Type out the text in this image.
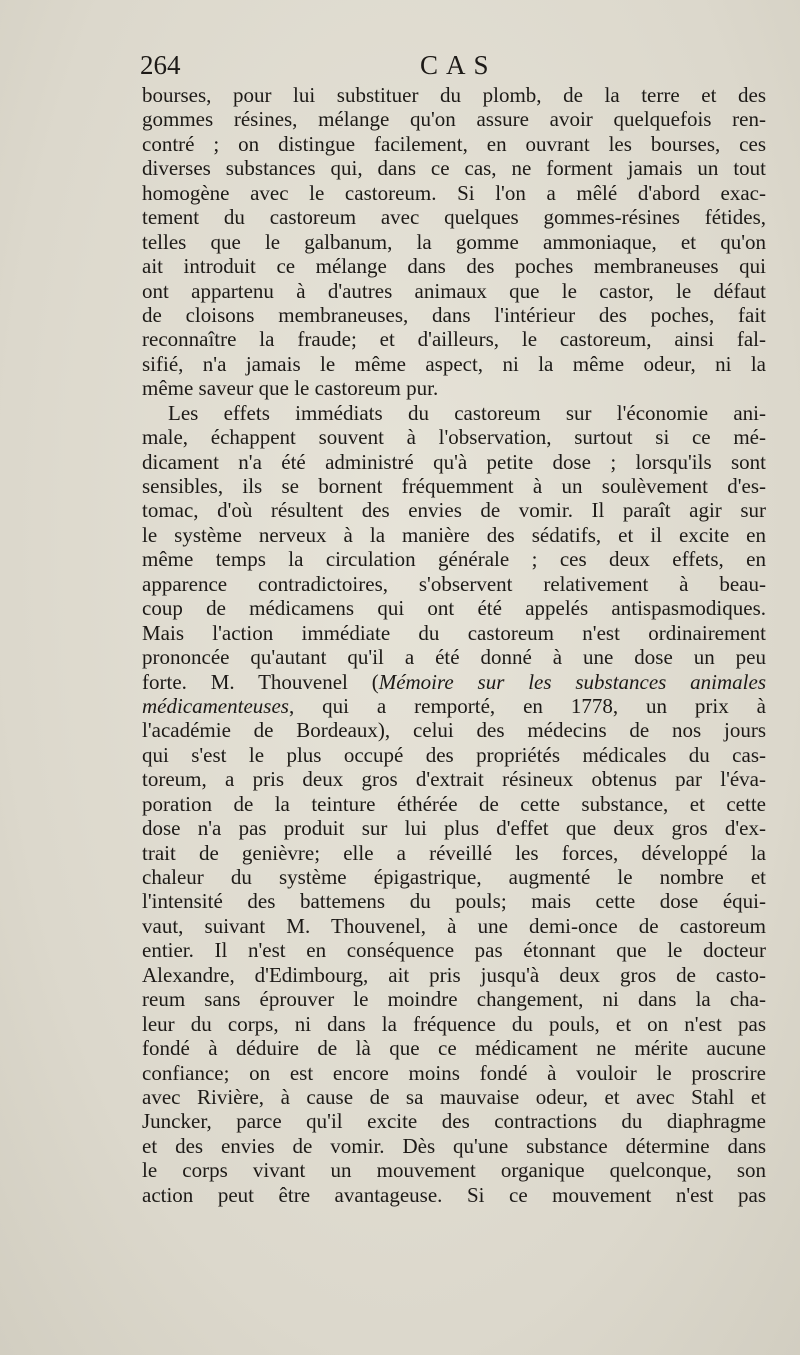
264	CAS
bourses, pour lui substituer du plomb, de la terre et des
gommes résines, mélange qu'on assure avoir quelquefois ren-
contré ; on distingue facilement, en ouvrant les bourses, ces
diverses substances qui, dans ce cas, ne forment jamais un tout
homogène avec le castoreum. Si l'on a mêlé d'abord exac-
tement du castoreum avec quelques gommes-résines fétides,
telles que le galbanum, la gomme ammoniaque, et qu'on
ait introduit ce mélange dans des poches membraneuses qui
ont appartenu à d'autres animaux que le castor, le défaut
de cloisons membraneuses, dans l'intérieur des poches, fait
reconnaître la fraude; et d'ailleurs, le castoreum, ainsi fal-
sifié, n'a jamais le même aspect, ni la même odeur, ni la
même saveur que le castoreum pur.
Les effets immédiats du castoreum sur l'économie ani-
male, échappent souvent à l'observation, surtout si ce mé-
dicament n'a été administré qu'à petite dose ; lorsqu'ils sont
sensibles, ils se bornent fréquemment à un soulèvement d'es-
tomac, d'où résultent des envies de vomir. Il paraît agir sur
le système nerveux à la manière des sédatifs, et il excite en
même temps la circulation générale ; ces deux effets, en
apparence contradictoires, s'observent relativement à beau-
coup de médicamens qui ont été appelés antispasmodiques.
Mais l'action immédiate du castoreum n'est ordinairement
prononcée qu'autant qu'il a été donné à une dose un peu
forte. M. Thouvenel (Mémoire sur les substances animales
médicamenteuses, qui a remporté, en 1778, un prix à
l'académie de Bordeaux), celui des médecins de nos jours
qui s'est le plus occupé des propriétés médicales du cas-
toreum, a pris deux gros d'extrait résineux obtenus par l'éva-
poration de la teinture éthérée de cette substance, et cette
dose n'a pas produit sur lui plus d'effet que deux gros d'ex-
trait de genièvre; elle a réveillé les forces, développé la
chaleur du système épigastrique, augmenté le nombre et
l'intensité des battemens du pouls; mais cette dose équi-
vaut, suivant M. Thouvenel, à une demi-once de castoreum
entier. Il n'est en conséquence pas étonnant que le docteur
Alexandre, d'Edimbourg, ait pris jusqu'à deux gros de casto-
reum sans éprouver le moindre changement, ni dans la cha-
leur du corps, ni dans la fréquence du pouls, et on n'est pas
fondé à déduire de là que ce médicament ne mérite aucune
confiance; on est encore moins fondé à vouloir le proscrire
avec Rivière, à cause de sa mauvaise odeur, et avec Stahl et
Juncker, parce qu'il excite des contractions du diaphragme
et des envies de vomir. Dès qu'une substance détermine dans
le corps vivant un mouvement organique quelconque, son
action peut être avantageuse. Si ce mouvement n'est pas
